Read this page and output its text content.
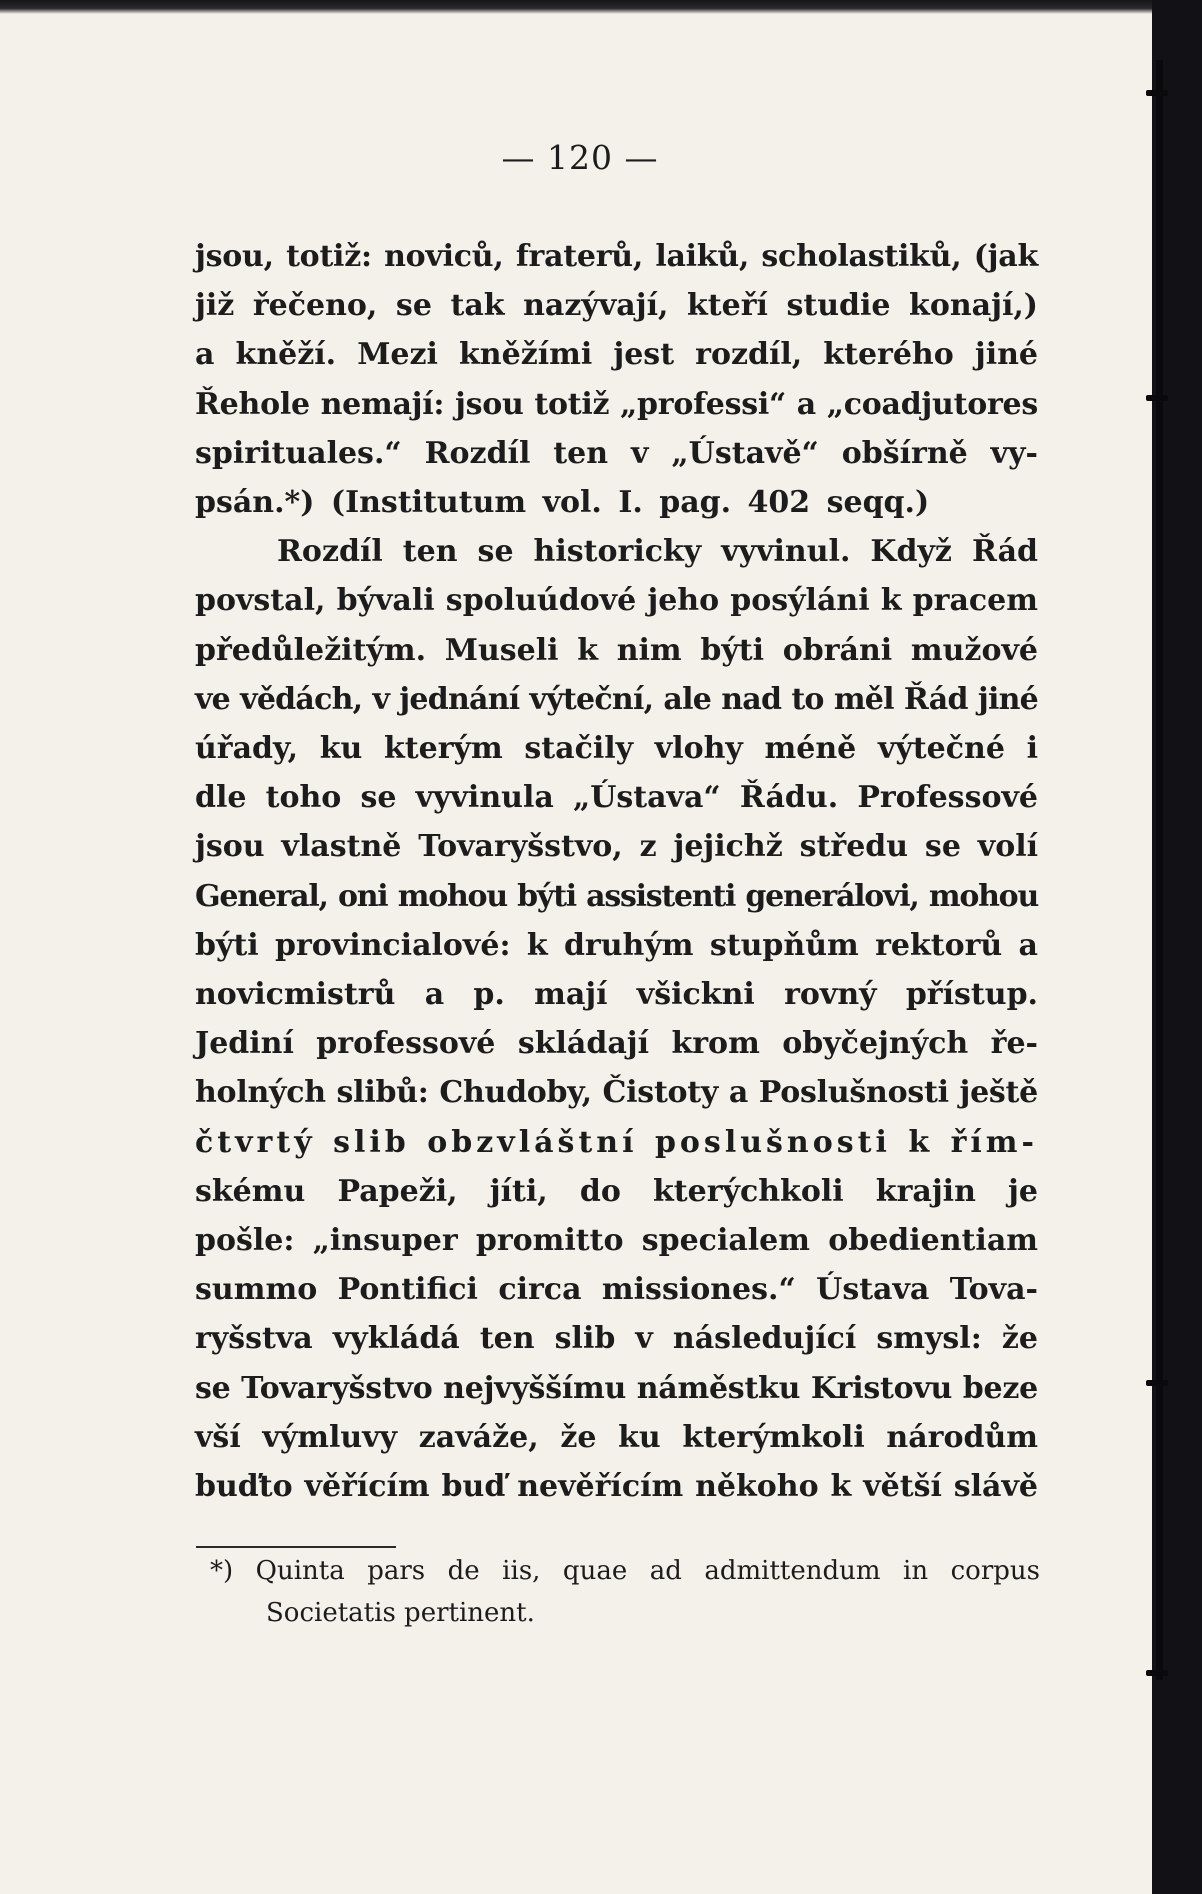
— 120 —
jsou, totiž: noviců, fraterů, laiků, scholastiků, (jak
již řečeno, se tak nazývají, kteří studie konají,)
a kněží. Mezi kněžími jest rozdíl, kterého jiné
Řehole nemají: jsou totiž „professi“ a „coadjutores
spirituales.“ Rozdíl ten v „Ústavě“ obšírně vy-
psán.*) (Institutum vol. I. pag. 402 seqq.)
Rozdíl ten se historicky vyvinul. Když Řád
povstal, bývali spoluúdové jeho posýláni k pracem
předůležitým. Museli k nim býti obráni mužové
ve vědách, v jednání výteční, ale nad to měl Řád jiné
úřady, ku kterým stačily vlohy méně výtečné i
dle toho se vyvinula „Ústava“ Řádu. Professové
jsou vlastně Tovaryšstvo, z jejichž středu se volí
General, oni mohou býti assistenti generálovi, mohou
býti provincialové: k druhým stupňům rektorů a
novicmistrů a p. mají všickni rovný přístup.
Jediní professové skládají krom obyčejných ře-
holných slibů: Chudoby, Čistoty a Poslušnosti ještě
čtvrtý slib obzvláštní poslušnosti k řím-
skému Papeži, jíti, do kterýchkoli krajin je
pošle: „insuper promitto specialem obedientiam
summo Pontifici circa missiones.“ Ústava Tova-
ryšstva vykládá ten slib v následující smysl: že
se Tovaryšstvo nejvyššímu náměstku Kristovu beze
vší výmluvy zaváže, že ku kterýmkoli národům
buďto věřícím buď nevěřícím někoho k větší slávě
*) Quinta pars de iis, quae ad admittendum in corpus
Societatis pertinent.
